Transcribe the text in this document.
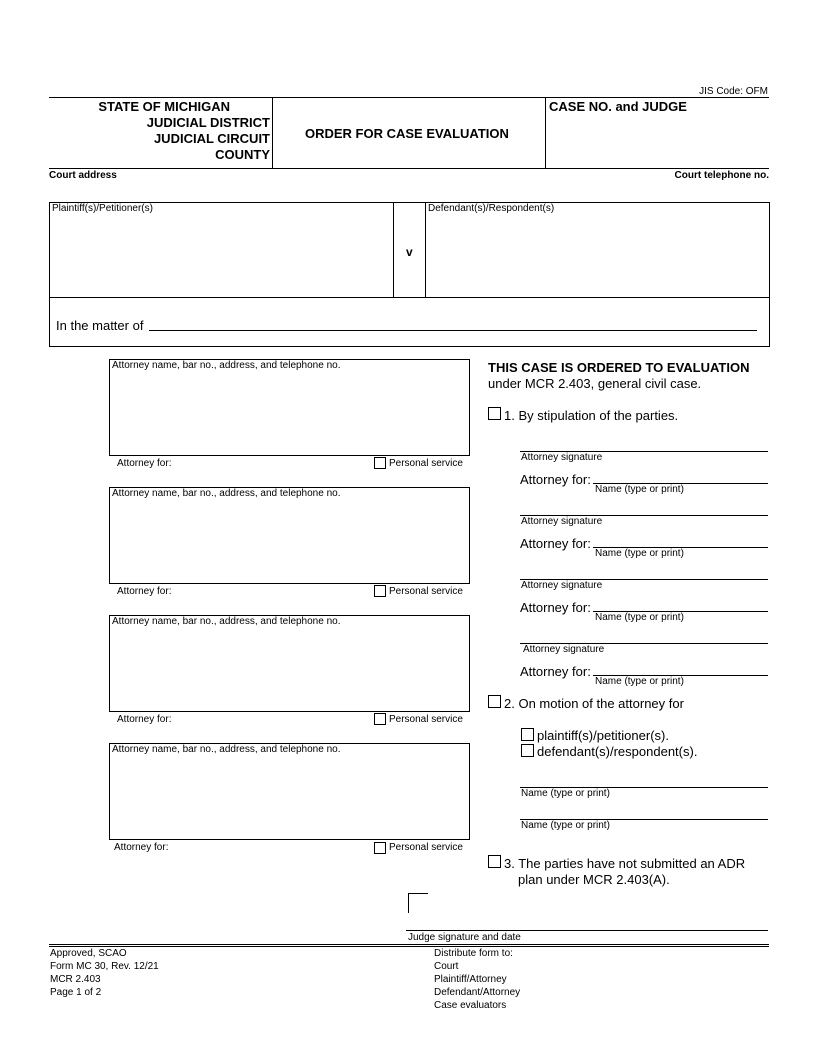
JIS Code: OFM
STATE OF MICHIGAN
JUDICIAL DISTRICT
JUDICIAL CIRCUIT
COUNTY
ORDER FOR CASE EVALUATION
CASE NO. and JUDGE
Court address	Court telephone no.
Plaintiff(s)/Petitioner(s)	Defendant(s)/Respondent(s)
v
In the matter of
Attorney name, bar no., address, and telephone no.
Attorney for:	Personal service
Attorney name, bar no., address, and telephone no.
Attorney for:	Personal service
Attorney name, bar no., address, and telephone no.
Attorney for:	Personal service
Attorney name, bar no., address, and telephone no.
Attorney for:	Personal service
THIS CASE IS ORDERED TO EVALUATION
under MCR 2.403, general civil case.
1. By stipulation of the parties.
Attorney signature
Attorney for:
Name (type or print)
Attorney signature
Attorney for:
Name (type or print)
Attorney signature
Attorney for:
Name (type or print)
Attorney signature
Attorney for:
Name (type or print)
2. On motion of the attorney for
plaintiff(s)/petitioner(s).
defendant(s)/respondent(s).
Name (type or print)
Name (type or print)
3. The parties have not submitted an ADR
plan under MCR 2.403(A).
Judge signature and date
Approved, SCAO
Form MC 30, Rev. 12/21
MCR 2.403
Page 1 of 2
Distribute form to:
Court
Plaintiff/Attorney
Defendant/Attorney
Case evaluators
